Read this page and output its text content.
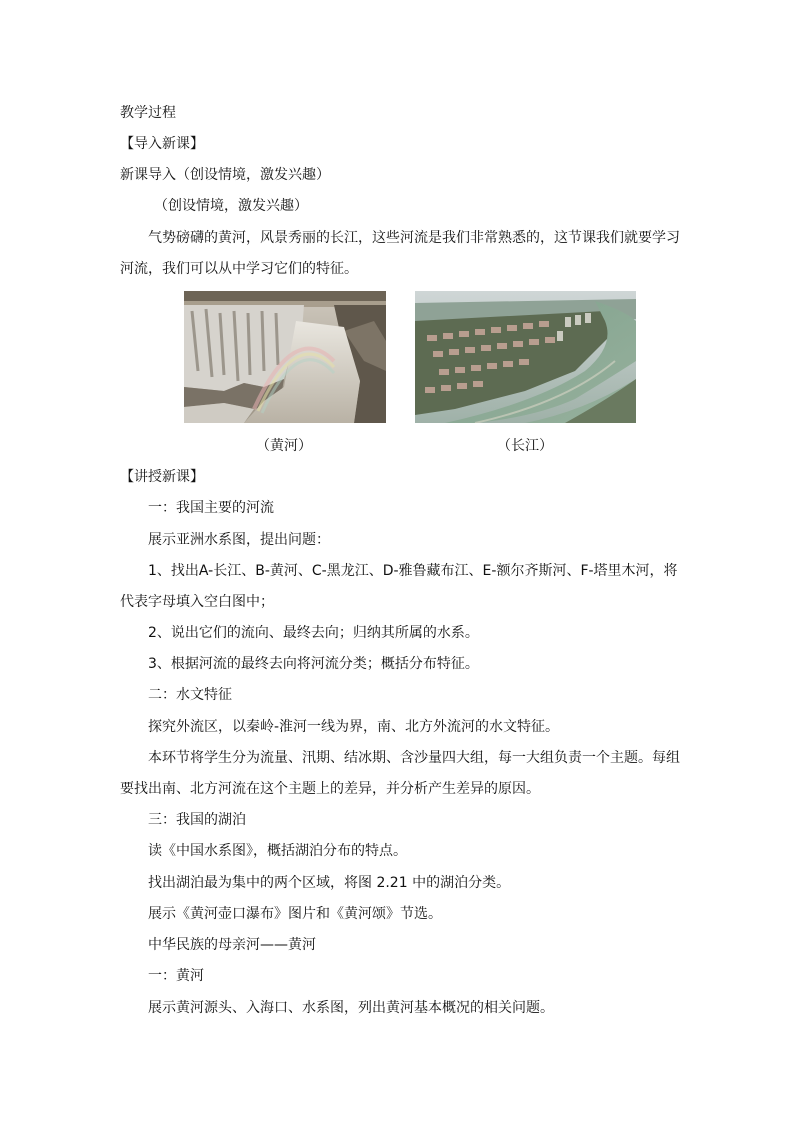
教学过程
【导入新课】
新课导入（创设情境，激发兴趣）
（创设情境，激发兴趣）
气势磅礴的黄河，风景秀丽的长江，这些河流是我们非常熟悉的，这节课我们就要学习
河流，我们可以从中学习它们的特征。
（黄河）	（长江）
【讲授新课】
一：我国主要的河流
展示亚洲水系图，提出问题：
1、找出A-长江、B-黄河、C-黑龙江、D-雅鲁藏布江、E-额尔齐斯河、F-塔里木河，将
代表字母填入空白图中；
2、说出它们的流向、最终去向；归纳其所属的水系。
3、根据河流的最终去向将河流分类；概括分布特征。
二：水文特征
探究外流区，以秦岭-淮河一线为界，南、北方外流河的水文特征。
本环节将学生分为流量、汛期、结冰期、含沙量四大组，每一大组负责一个主题。每组
要找出南、北方河流在这个主题上的差异，并分析产生差异的原因。
三：我国的湖泊
读《中国水系图》，概括湖泊分布的特点。
找出湖泊最为集中的两个区域，将图 2.21 中的湖泊分类。
展示《黄河壶口瀑布》图片和《黄河颂》节选。
中华民族的母亲河——黄河
一：黄河
展示黄河源头、入海口、水系图，列出黄河基本概况的相关问题。
